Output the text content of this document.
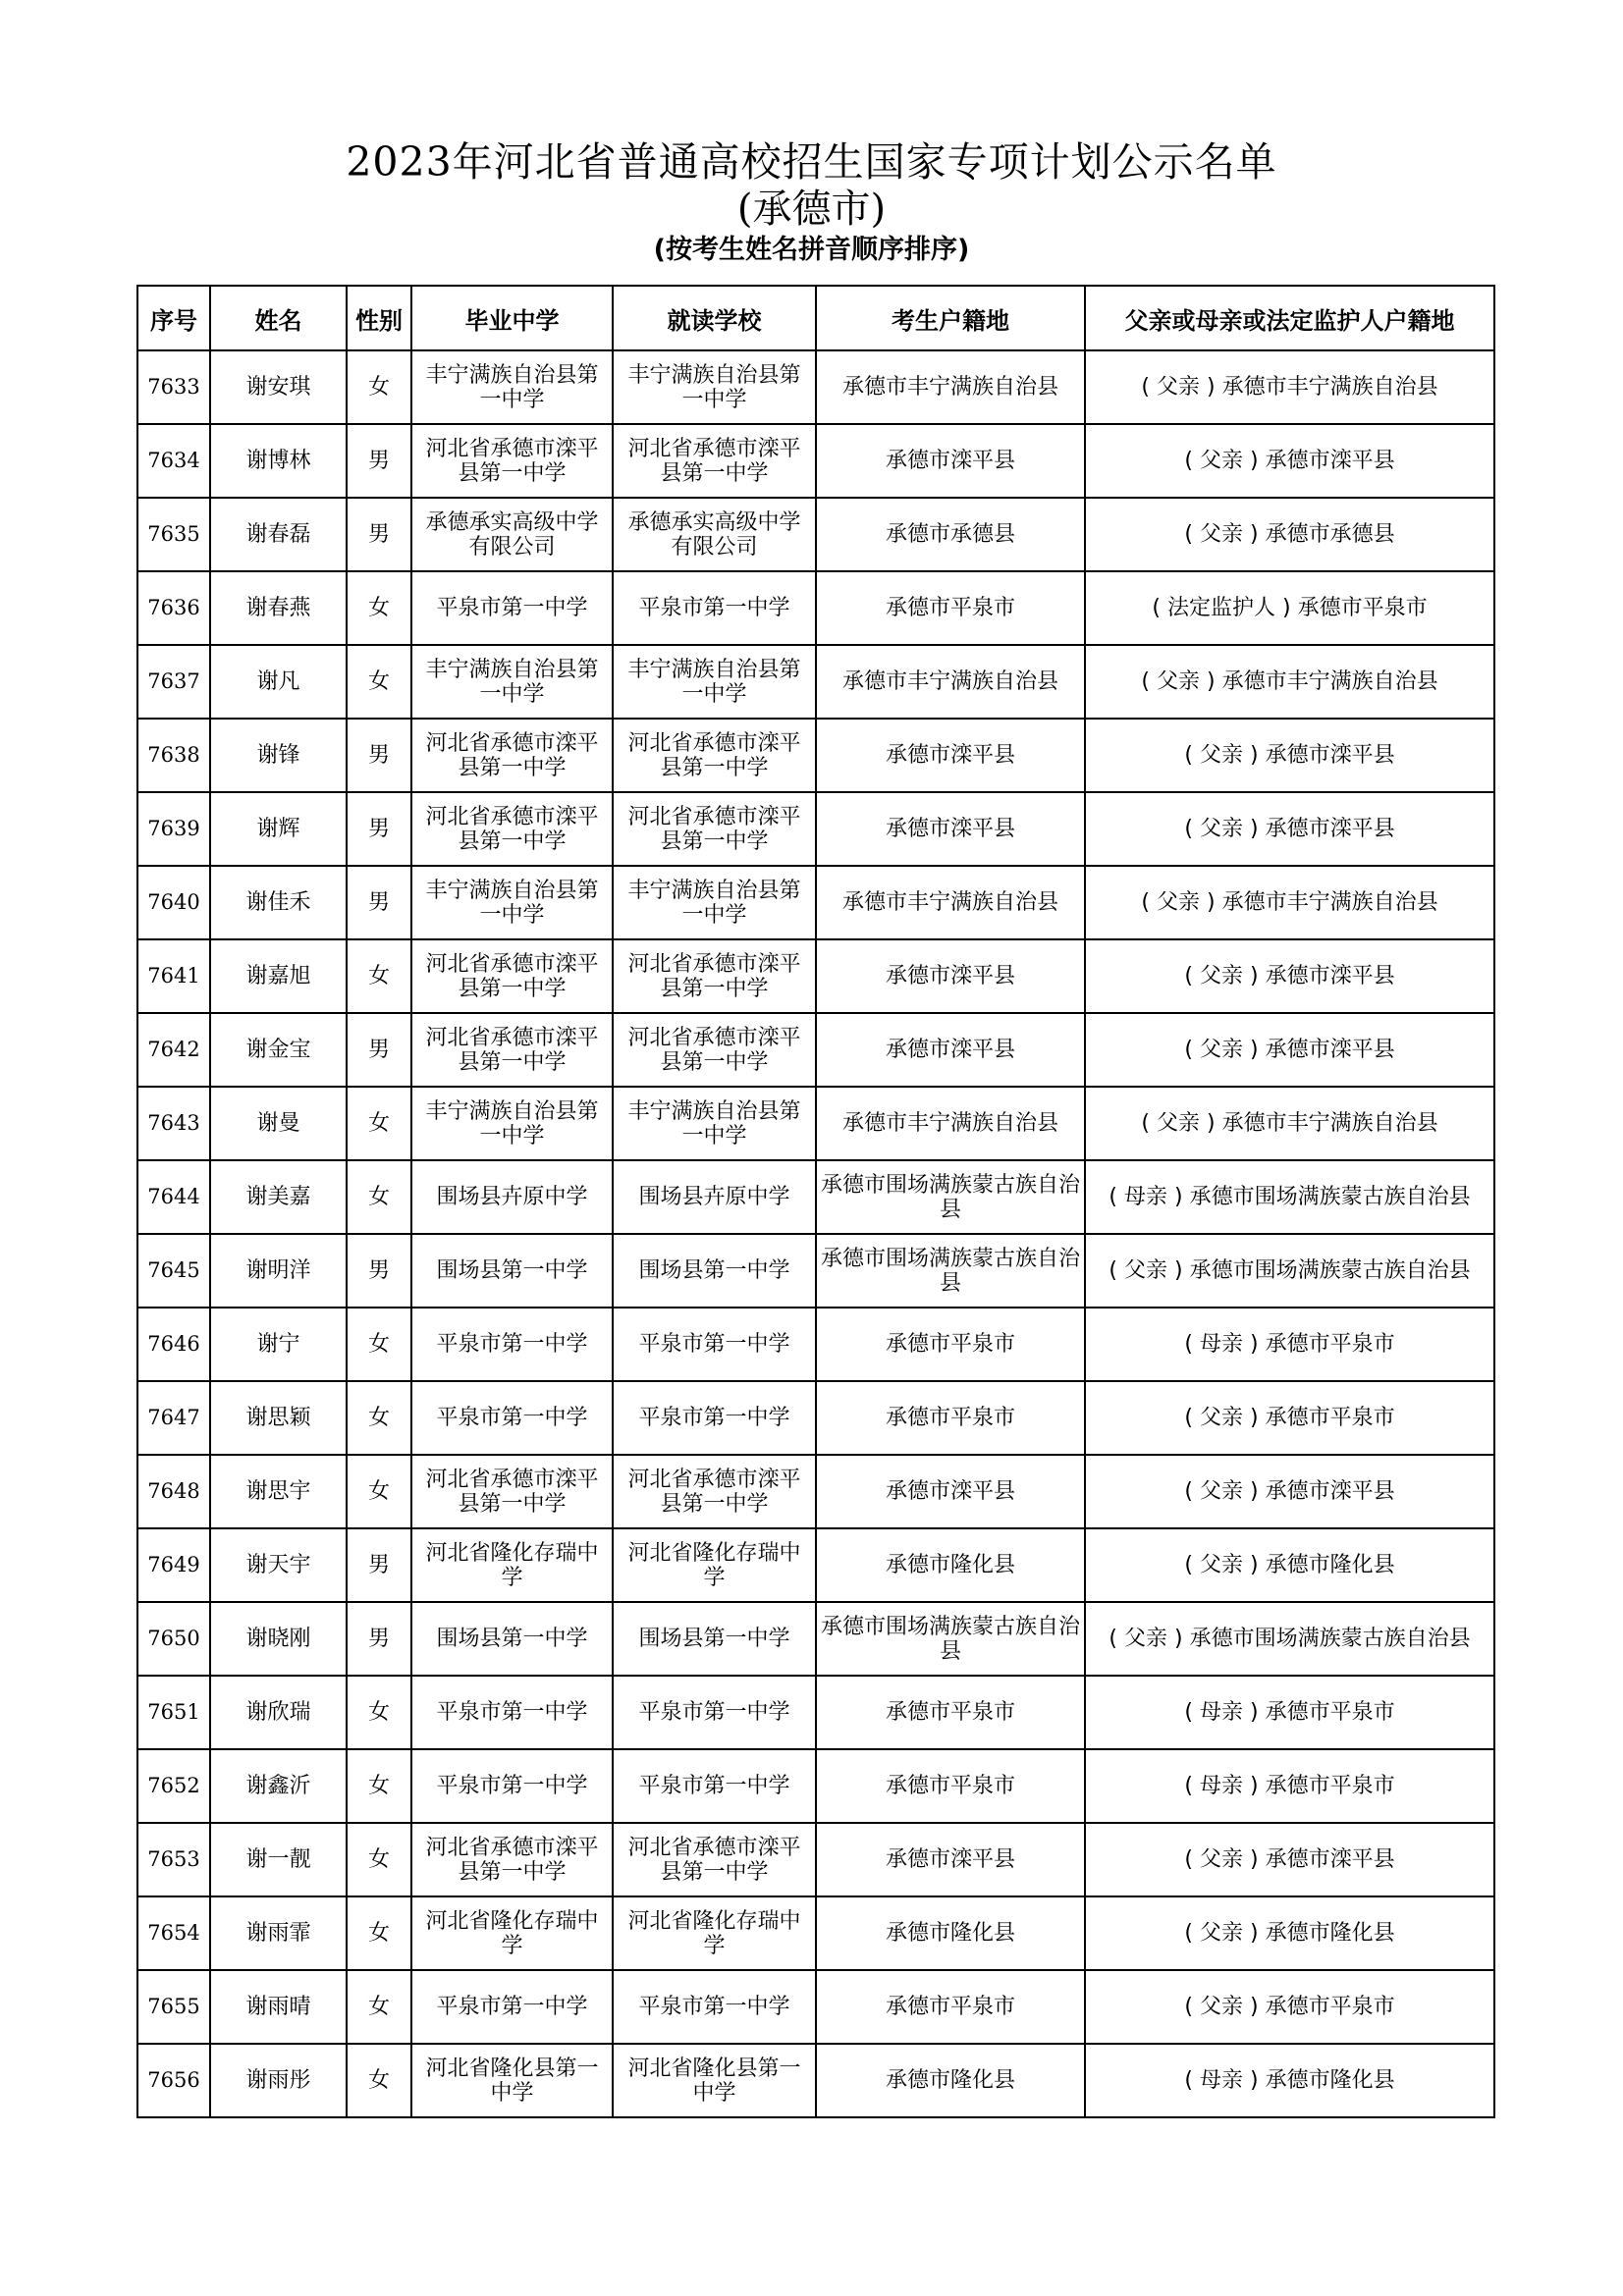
2023年河北省普通高校招生国家专项计划公示名单
(承德市)
(按考生姓名拼音顺序排序)
序号	姓名	性别	毕业中学	就读学校	考生户籍地	父亲或母亲或法定监护人户籍地
7633	谢安琪	女	丰宁满族自治县第一中学	丰宁满族自治县第一中学	承德市丰宁满族自治县	( 父亲 ) 承德市丰宁满族自治县
7634	谢博林	男	河北省承德市滦平县第一中学	河北省承德市滦平县第一中学	承德市滦平县	( 父亲 ) 承德市滦平县
7635	谢春磊	男	承德承实高级中学有限公司	承德承实高级中学有限公司	承德市承德县	( 父亲 ) 承德市承德县
7636	谢春燕	女	平泉市第一中学	平泉市第一中学	承德市平泉市	( 法定监护人 ) 承德市平泉市
7637	谢凡	女	丰宁满族自治县第一中学	丰宁满族自治县第一中学	承德市丰宁满族自治县	( 父亲 ) 承德市丰宁满族自治县
7638	谢锋	男	河北省承德市滦平县第一中学	河北省承德市滦平县第一中学	承德市滦平县	( 父亲 ) 承德市滦平县
7639	谢辉	男	河北省承德市滦平县第一中学	河北省承德市滦平县第一中学	承德市滦平县	( 父亲 ) 承德市滦平县
7640	谢佳禾	男	丰宁满族自治县第一中学	丰宁满族自治县第一中学	承德市丰宁满族自治县	( 父亲 ) 承德市丰宁满族自治县
7641	谢嘉旭	女	河北省承德市滦平县第一中学	河北省承德市滦平县第一中学	承德市滦平县	( 父亲 ) 承德市滦平县
7642	谢金宝	男	河北省承德市滦平县第一中学	河北省承德市滦平县第一中学	承德市滦平县	( 父亲 ) 承德市滦平县
7643	谢曼	女	丰宁满族自治县第一中学	丰宁满族自治县第一中学	承德市丰宁满族自治县	( 父亲 ) 承德市丰宁满族自治县
7644	谢美嘉	女	围场县卉原中学	围场县卉原中学	承德市围场满族蒙古族自治县	( 母亲 ) 承德市围场满族蒙古族自治县
7645	谢明洋	男	围场县第一中学	围场县第一中学	承德市围场满族蒙古族自治县	( 父亲 ) 承德市围场满族蒙古族自治县
7646	谢宁	女	平泉市第一中学	平泉市第一中学	承德市平泉市	( 母亲 ) 承德市平泉市
7647	谢思颖	女	平泉市第一中学	平泉市第一中学	承德市平泉市	( 父亲 ) 承德市平泉市
7648	谢思宇	女	河北省承德市滦平县第一中学	河北省承德市滦平县第一中学	承德市滦平县	( 父亲 ) 承德市滦平县
7649	谢天宇	男	河北省隆化存瑞中学	河北省隆化存瑞中学	承德市隆化县	( 父亲 ) 承德市隆化县
7650	谢晓刚	男	围场县第一中学	围场县第一中学	承德市围场满族蒙古族自治县	( 父亲 ) 承德市围场满族蒙古族自治县
7651	谢欣瑞	女	平泉市第一中学	平泉市第一中学	承德市平泉市	( 母亲 ) 承德市平泉市
7652	谢鑫沂	女	平泉市第一中学	平泉市第一中学	承德市平泉市	( 母亲 ) 承德市平泉市
7653	谢一靓	女	河北省承德市滦平县第一中学	河北省承德市滦平县第一中学	承德市滦平县	( 父亲 ) 承德市滦平县
7654	谢雨霏	女	河北省隆化存瑞中学	河北省隆化存瑞中学	承德市隆化县	( 父亲 ) 承德市隆化县
7655	谢雨晴	女	平泉市第一中学	平泉市第一中学	承德市平泉市	( 父亲 ) 承德市平泉市
7656	谢雨彤	女	河北省隆化县第一中学	河北省隆化县第一中学	承德市隆化县	( 母亲 ) 承德市隆化县
